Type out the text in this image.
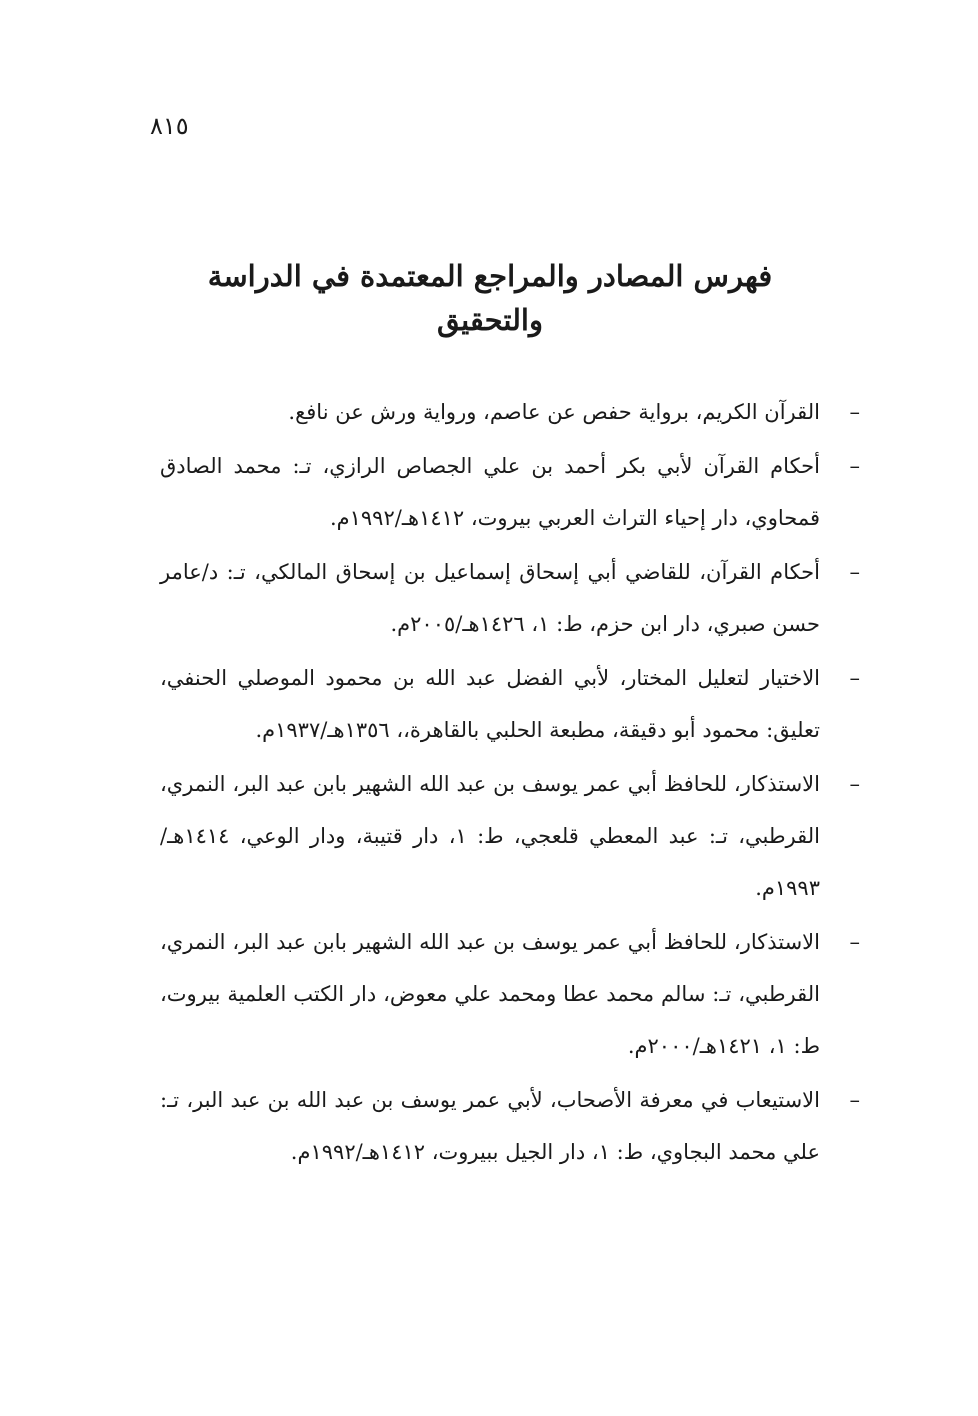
٨١٥
فهرس المصادر والمراجع المعتمدة في الدراسة والتحقيق
–
القرآن الكريم، برواية حفص عن عاصم، ورواية ورش عن نافع.
–
أحكام القرآن لأبي بكر أحمد بن علي الجصاص الرازي، تـ: محمد الصادق قمحاوي، دار إحياء التراث العربي بيروت، ١٤١٢هـ/١٩٩٢م.
–
أحكام القرآن، للقاضي أبي إسحاق إسماعيل بن إسحاق المالكي، تـ: د/عامر حسن صبري، دار ابن حزم، ط: ١، ١٤٢٦هـ/٢٠٠٥م.
–
الاختيار لتعليل المختار، لأبي الفضل عبد الله بن محمود الموصلي الحنفي، تعليق: محمود أبو دقيقة، مطبعة الحلبي بالقاهرة،، ١٣٥٦هـ/١٩٣٧م.
–
الاستذكار، للحافظ أبي عمر يوسف بن عبد الله الشهير بابن عبد البر، النمري، القرطبي، تـ: عبد المعطي قلعجي، ط: ١، دار قتيبة، ودار الوعي، ١٤١٤هـ/١٩٩٣م.
–
الاستذكار، للحافظ أبي عمر يوسف بن عبد الله الشهير بابن عبد البر، النمري، القرطبي، تـ: سالم محمد عطا ومحمد علي معوض، دار الكتب العلمية بيروت، ط: ١، ١٤٢١هـ/٢٠٠٠م.
–
الاستيعاب في معرفة الأصحاب، لأبي عمر يوسف بن عبد الله بن عبد البر، تـ: علي محمد البجاوي، ط: ١، دار الجيل ببيروت، ١٤١٢هـ/١٩٩٢م.
